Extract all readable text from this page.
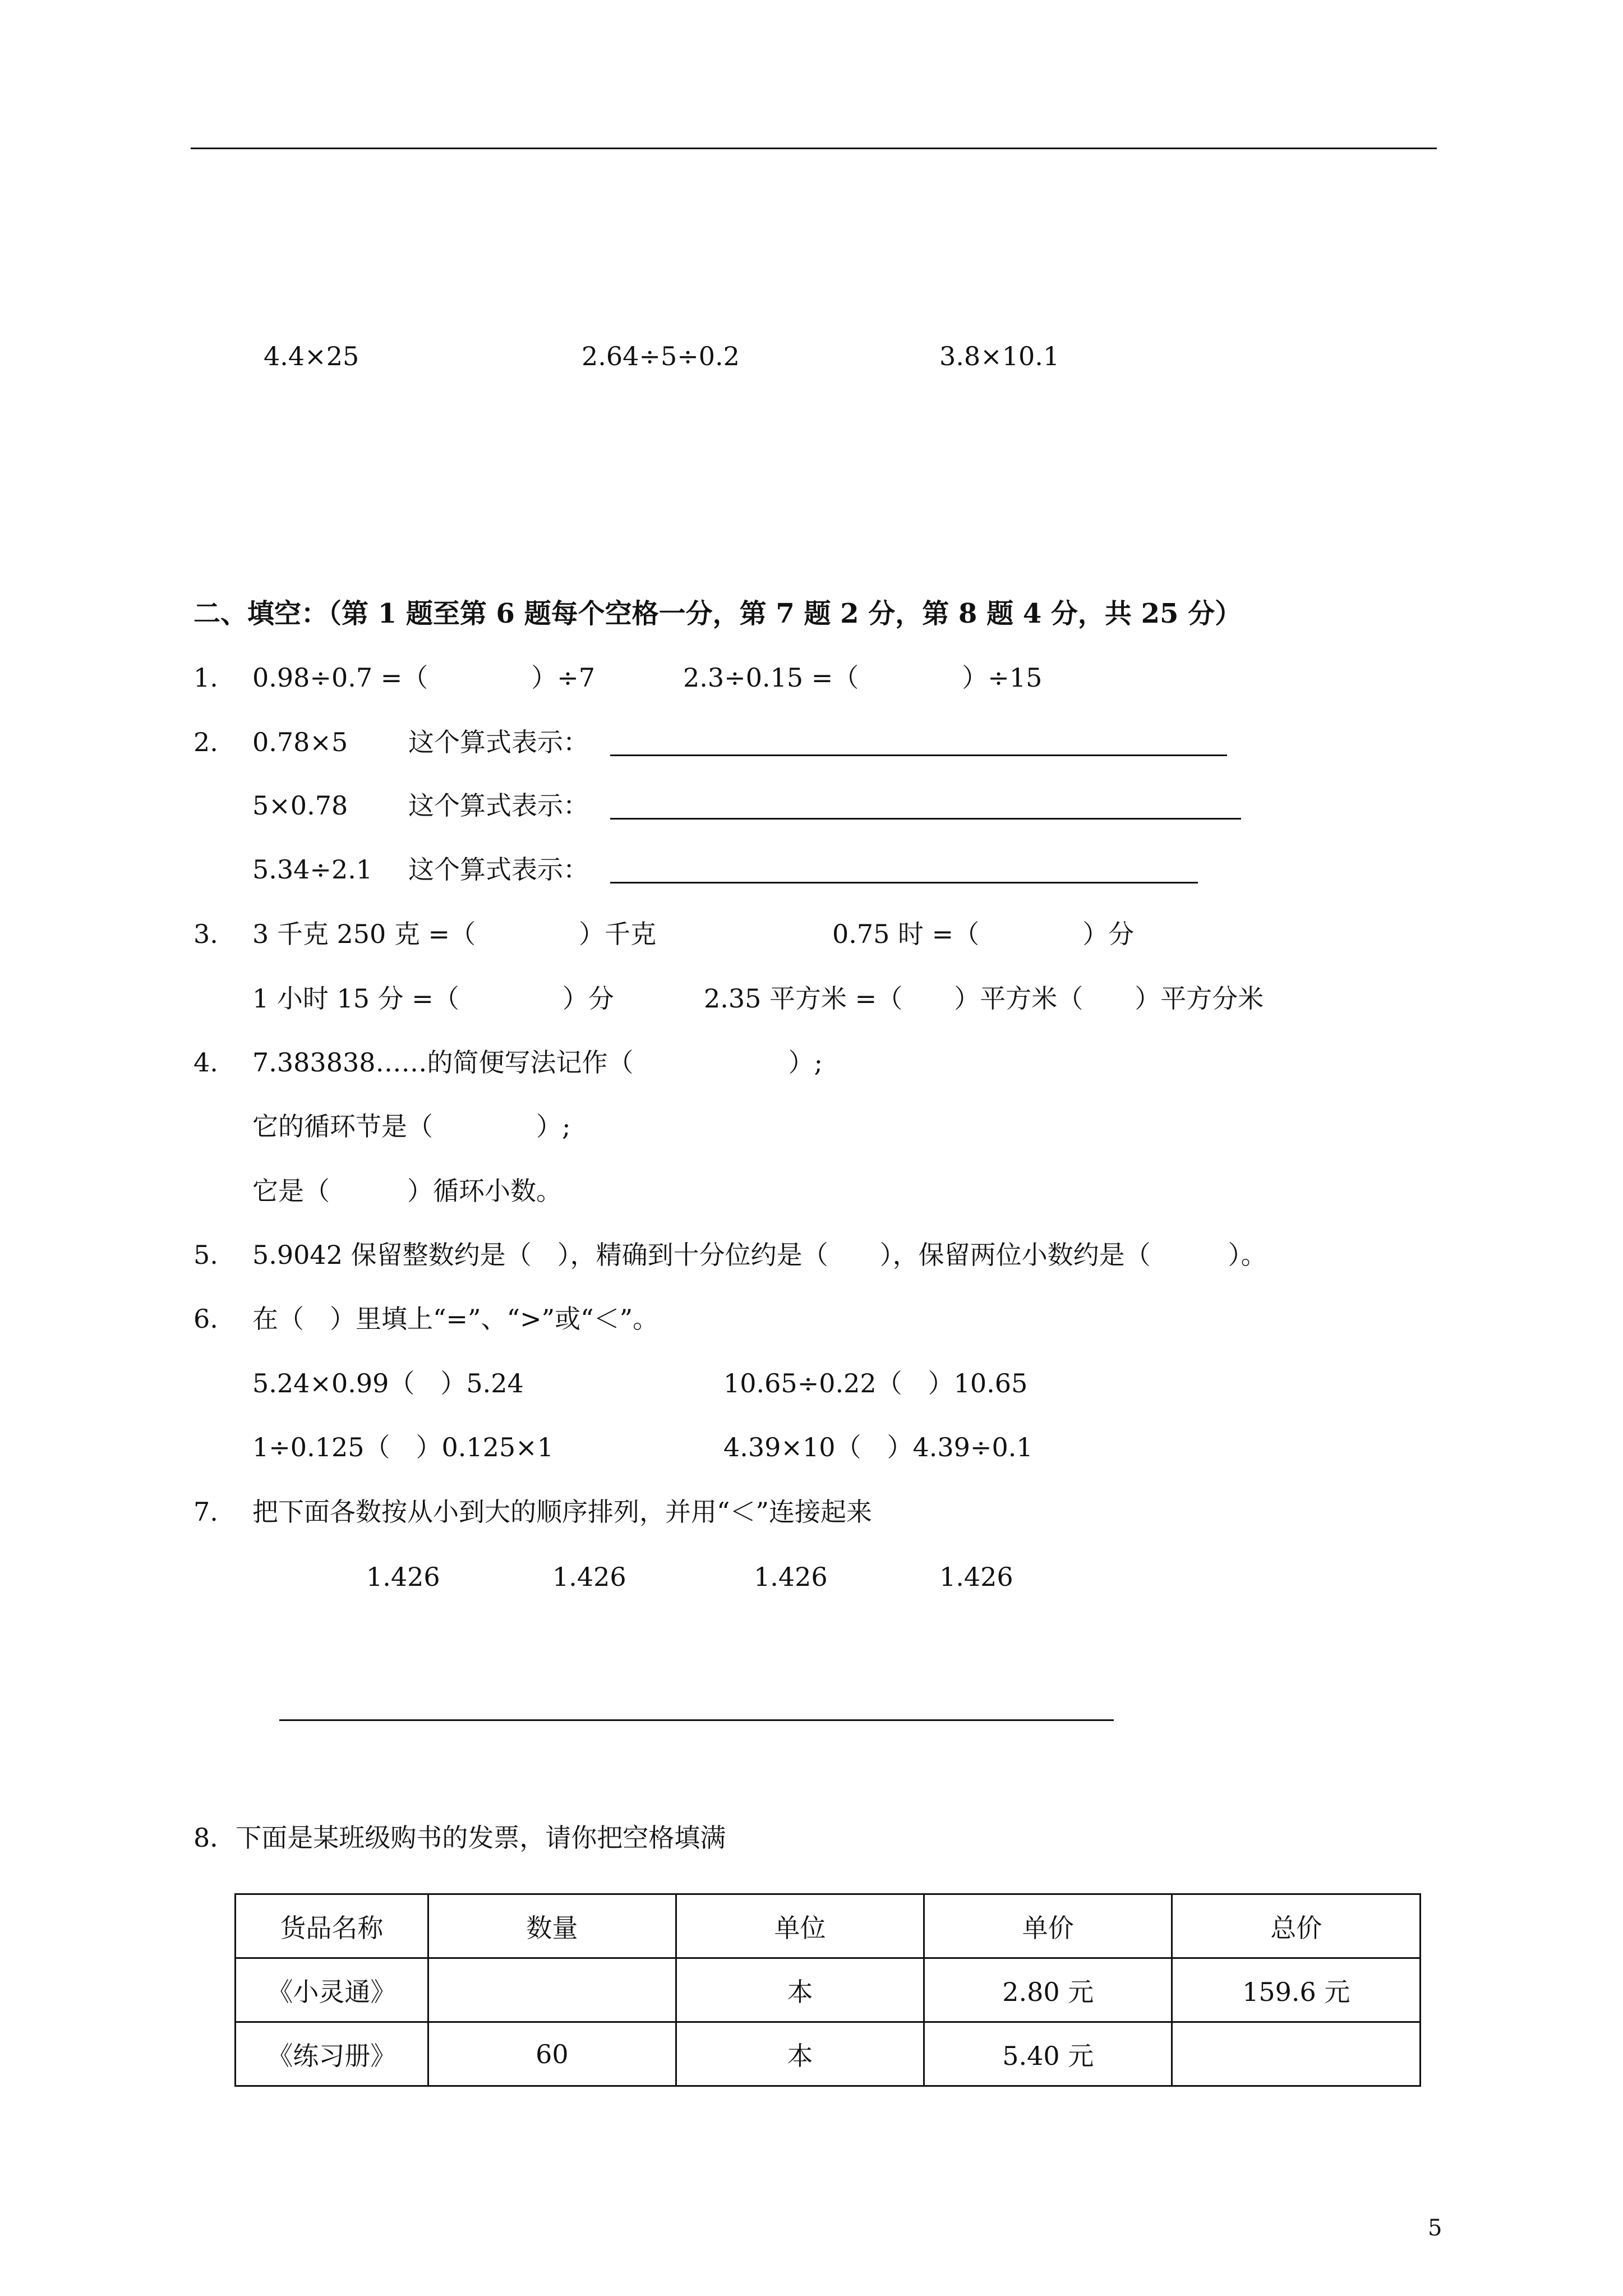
4.4×25	2.64÷5÷0.2	3.8×10.1
二、填空：（第 1 题至第 6 题每个空格一分，第 7 题 2 分，第 8 题 4 分，共 25 分）
1. 0.98÷0.7 =（　　　　）÷7	2.3÷0.15 =（　　　　）÷15
2. 0.78×5 这个算式表示：
5×0.78 这个算式表示：
5.34÷2.1 这个算式表示：
3. 3 千克 250 克 =（　　　　）千克	0.75 时 =（　　　　）分
1 小时 15 分 =（　　　　）分	2.35 平方米 =（　　）平方米（　　）平方分米
4. 7.383838……的简便写法记作（　　　　　　）;
它的循环节是（　　　　）;
它是（　　　）循环小数。
5. 5.9042 保留整数约是（　），精确到十分位约是（　　），保留两位小数约是（　　　）。
6. 在（　）里填上“=”、“>”或“＜”。
5.24×0.99（　）5.24	10.65÷0.22（　）10.65
1÷0.125（　）0.125×1	4.39×10（　）4.39÷0.1
7. 把下面各数按从小到大的顺序排列，并用“＜”连接起来
1.426	1.426	1.426	1.426
8．下面是某班级购书的发票，请你把空格填满
货品名称	数量	单位	单价	总价
《小灵通》		本	2.80 元	159.6 元
《练习册》	60	本	5.40 元	
5
